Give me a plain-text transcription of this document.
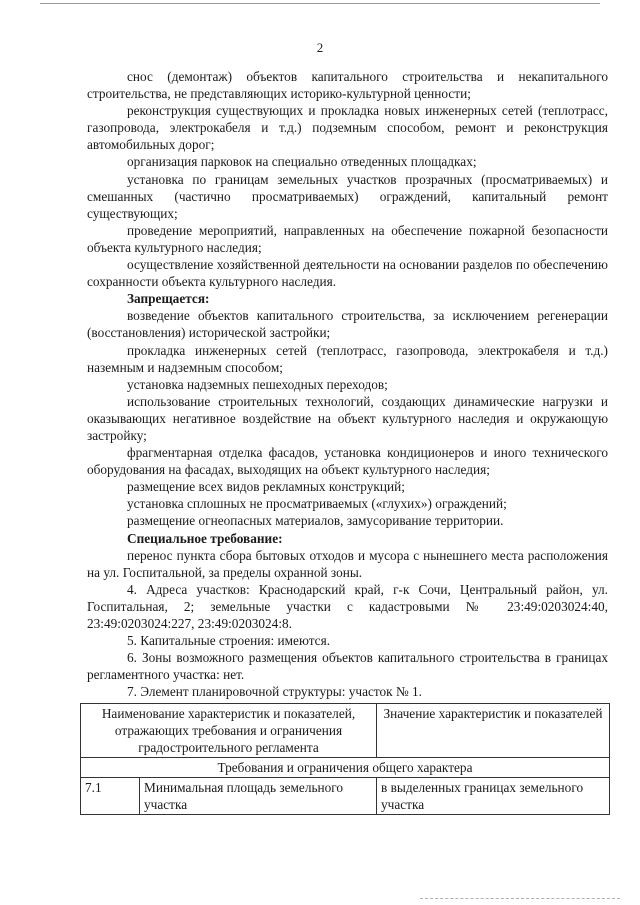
2

снос (демонтаж) объектов капитального строительства и некапитального строительства, не представляющих историко-культурной ценности;

реконструкция существующих и прокладка новых инженерных сетей (теплотрасс, газопровода, электрокабеля и т.д.) подземным способом, ремонт и реконструкция автомобильных дорог;

организация парковок на специально отведенных площадках;

установка по границам земельных участков прозрачных (просматриваемых) и смешанных (частично просматриваемых) ограждений, капитальный ремонт существующих;

проведение мероприятий, направленных на обеспечение пожарной безопасности объекта культурного наследия;

осуществление хозяйственной деятельности на основании разделов по обеспечению сохранности объекта культурного наследия.

Запрещается:

возведение объектов капитального строительства, за исключением регенерации (восстановления) исторической застройки;

прокладка инженерных сетей (теплотрасс, газопровода, электрокабеля и т.д.) наземным и надземным способом;

установка надземных пешеходных переходов;

использование строительных технологий, создающих динамические нагрузки и оказывающих негативное воздействие на объект культурного наследия и окружающую застройку;

фрагментарная отделка фасадов, установка кондиционеров и иного технического оборудования на фасадах, выходящих на объект культурного наследия;

размещение всех видов рекламных конструкций;

установка сплошных не просматриваемых («глухих») ограждений;

размещение огнеопасных материалов, замусоривание территории.

Специальное требование:

перенос пункта сбора бытовых отходов и мусора с нынешнего места расположения на ул. Госпитальной, за пределы охранной зоны.

4. Адреса участков: Краснодарский край, г-к Сочи, Центральный район, ул. Госпитальная, 2; земельные участки с кадастровыми № 23:49:0203024:40, 23:49:0203024:227, 23:49:0203024:8.

5. Капитальные строения: имеются.

6. Зоны возможного размещения объектов капитального строительства в границах регламентного участка: нет.

7. Элемент планировочной структуры: участок № 1.

Наименование характеристик и показателей, отражающих требования и ограничения градостроительного регламента		Значение характеристик и показателей
Требования и ограничения общего характера		
7.1	Минимальная площадь земельного участка	в выделенных границах земельного участка
